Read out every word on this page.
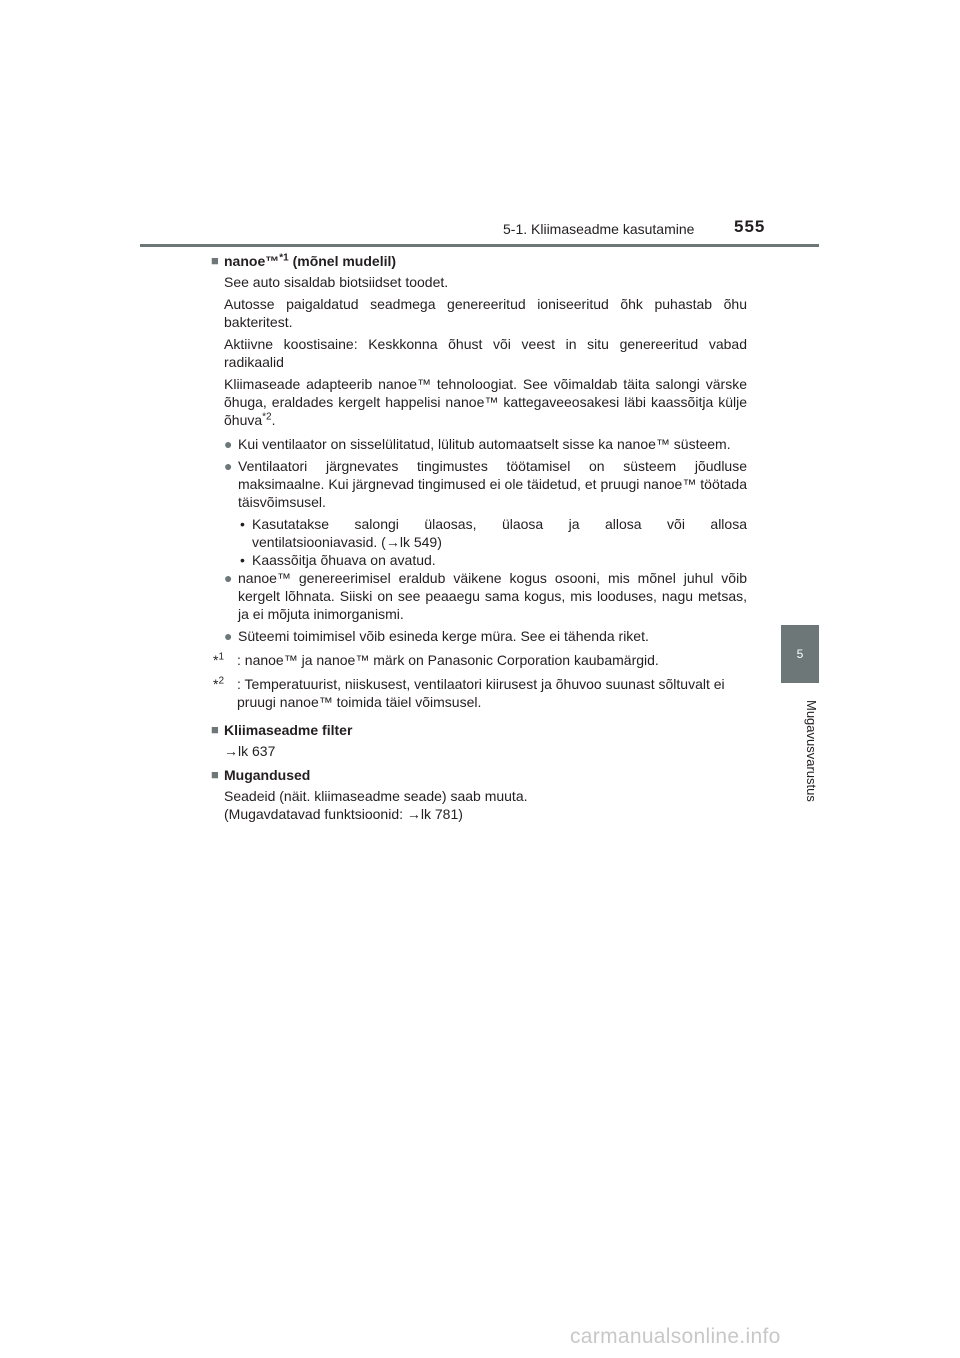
5-1. Kliimaseadme kasutamine 555
5
Mugavusvarustus
■ nanoe™$^{*1}$ (mõnel mudelil)

See auto sisaldab biotsiidset toodet.

Autosse paigaldatud seadmega genereeritud ioniseeritud õhk puhastab õhu bakteritest.

Aktiivne koostisaine: Keskkonna õhust või veest in situ genereeritud vabad radikaalid

Kliimaseade adapteerib nanoe™ tehnoloogiat. See võimaldab täita salongi värske õhuga, eraldades kergelt happelisi nanoe™ kattegaveeosakesi läbi kaassõitja külje õhuva$^{*2}$.

● Kui ventilaator on sisselülitatud, lülitub automaatselt sisse ka nanoe™ süsteem.
● Ventilaatori järgnevates tingimustes töötamisel on süsteem jõudluse maksimaalne. Kui järgnevad tingimused ei ole täidetud, et pruugi nanoe™ töötada täisvõimsusel.
• Kasutatakse salongi ülaosas, ülaosa ja allosa või allosa
ventilatsiooniavasid. (→lk 549)
• Kaassõitja õhuava on avatud.
● nanoe™ genereerimisel eraldub väikene kogus osooni, mis mõnel juhul võib kergelt lõhnata. Siiski on see peaaegu sama kogus, mis looduses, nagu metsas, ja ei mõjuta inimorganismi.
● Süteemi toimimisel võib esineda kerge müra. See ei tähenda riket.
*$^1$ : nanoe™ ja nanoe™ märk on Panasonic Corporation kaubamärgid.
*$^2$ : Temperatuurist, niiskusest, ventilaatori kiirusest ja õhuvoo suunast sõltuvalt ei pruugi nanoe™ toimida täiel võimsusel.
■ Kliimaseadme filter

→lk 637

■ Mugandused

Seadeid (näit. kliimaseadme seade) saab muuta.

(Mugavdatavad funktsioonid: →lk 781)

carmanualsonline.info
